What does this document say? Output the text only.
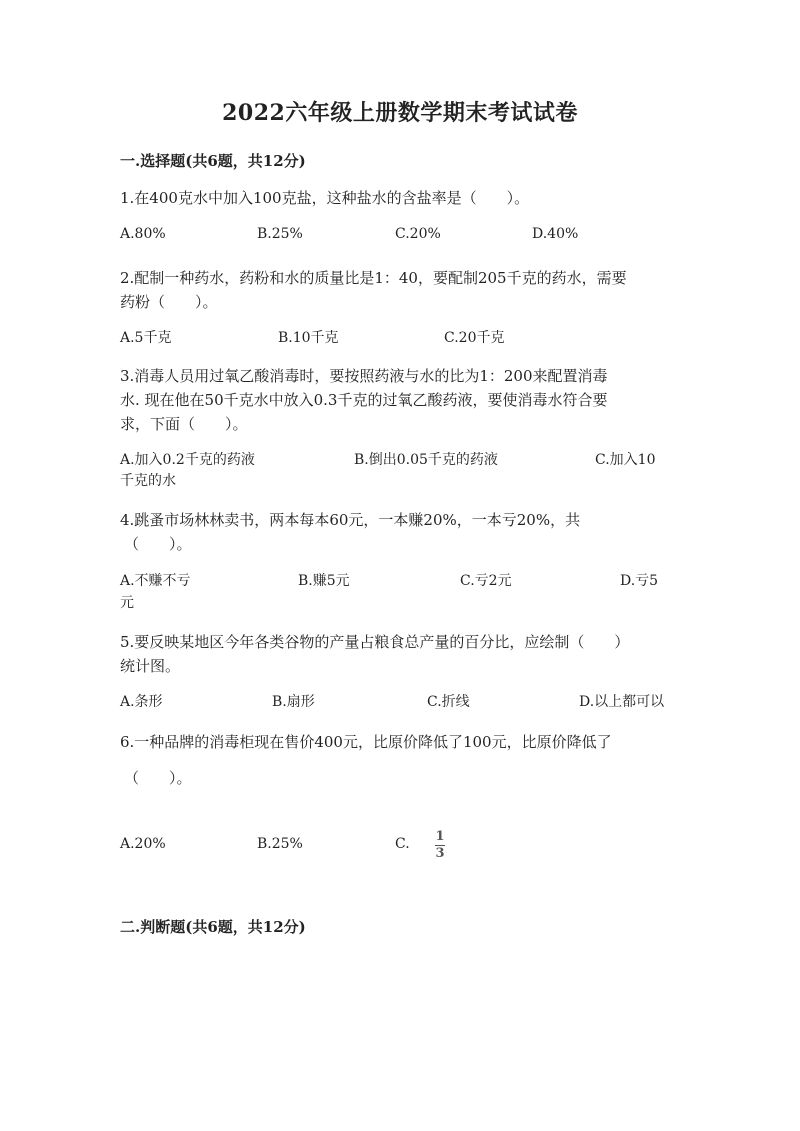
2022六年级上册数学期末考试试卷
一.选择题(共6题，共12分)
1.在400克水中加入100克盐，这种盐水的含盐率是（　　）。
A.80%	B.25%	C.20%	D.40%
2.配制一种药水，药粉和水的质量比是1：40，要配制205千克的药水，需要
药粉（　　）。
A.5千克	B.10千克	C.20千克
3.消毒人员用过氧乙酸消毒时，要按照药液与水的比为1：200来配置消毒
水. 现在他在50千克水中放入0.3千克的过氧乙酸药液，要使消毒水符合要
求，下面（　　）。
A.加入0.2千克的药液	B.倒出0.05千克的药液	C.加入10
千克的水
4.跳蚤市场林林卖书，两本每本60元，一本赚20%，一本亏20%，共
（　　）。
A.不赚不亏	B.赚5元	C.亏2元	D.亏5
元
5.要反映某地区今年各类谷物的产量占粮食总产量的百分比，应绘制（　　）
统计图。
A.条形	B.扇形	C.折线	D.以上都可以
6.一种品牌的消毒柜现在售价400元，比原价降低了100元，比原价降低了
（　　）。
A.20%	B.25%	C. 1
3
二.判断题(共6题，共12分)
